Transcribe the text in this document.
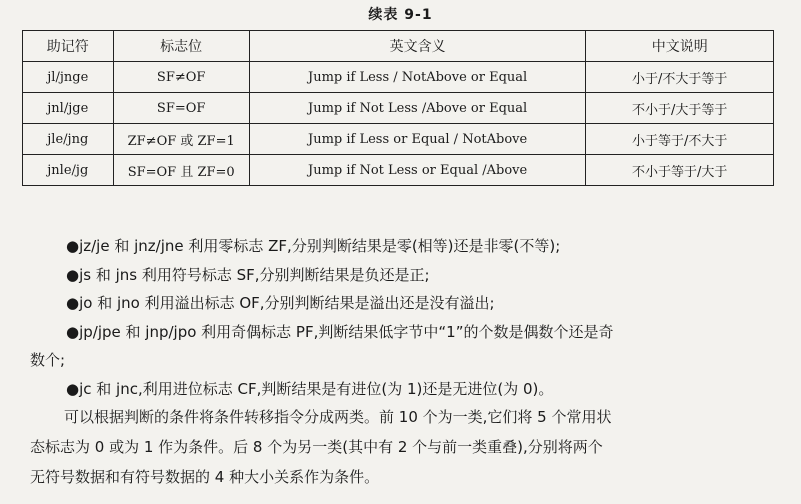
续表 9-1
助记符	标志位	英文含义	中文说明
jl/jnge	SF≠OF	Jump if Less / NotAbove or Equal	小于/不大于等于
jnl/jge	SF=OF	Jump if Not Less /Above or Equal	不小于/大于等于
jle/jng	ZF≠OF 或 ZF=1	Jump if Less or Equal / NotAbove	小于等于/不大于
jnle/jg	SF=OF 且 ZF=0	Jump if Not Less or Equal /Above	不小于等于/大于

●jz/je 和 jnz/jne 利用零标志 ZF,分别判断结果是零(相等)还是非零(不等);

●js 和 jns 利用符号标志 SF,分别判断结果是负还是正;

●jo 和 jno 利用溢出标志 OF,分别判断结果是溢出还是没有溢出;

●jp/jpe 和 jnp/jpo 利用奇偶标志 PF,判断结果低字节中“1”的个数是偶数个还是奇

数个;

●jc 和 jnc,利用进位标志 CF,判断结果是有进位(为 1)还是无进位(为 0)。

可以根据判断的条件将条件转移指令分成两类。前 10 个为一类,它们将 5 个常用状
态标志为 0 或为 1 作为条件。后 8 个为另一类(其中有 2 个与前一类重叠),分别将两个
无符号数据和有符号数据的 4 种大小关系作为条件。
